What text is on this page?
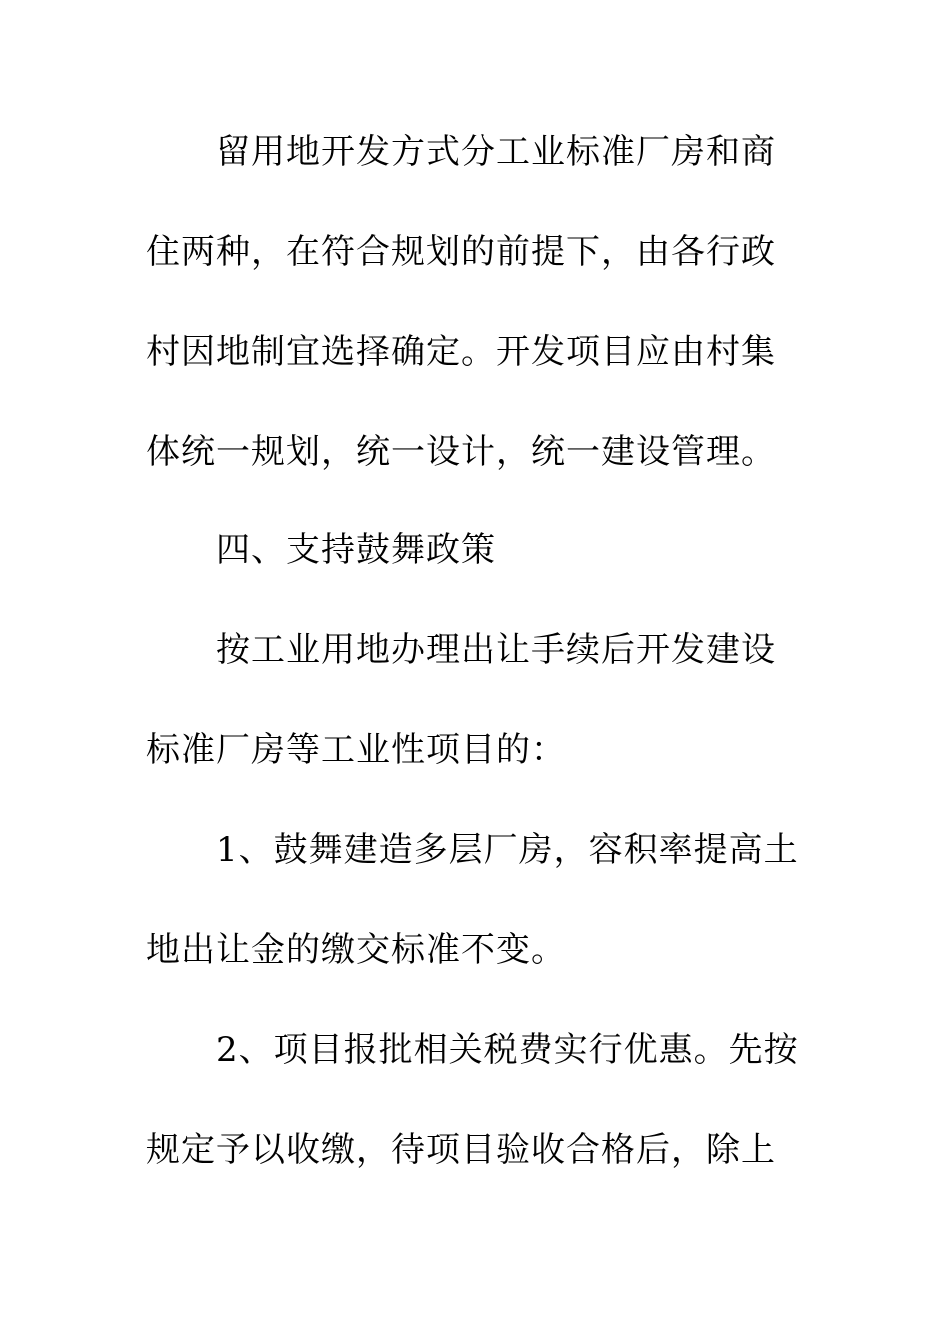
留用地开发方式分工业标准厂房和商
住两种，在符合规划的前提下，由各行政
村因地制宜选择确定。开发项目应由村集
体统一规划，统一设计，统一建设管理。
四、支持鼓舞政策
按工业用地办理出让手续后开发建设
标准厂房等工业性项目的：
1、鼓舞建造多层厂房，容积率提高土
地出让金的缴交标准不变。
2、项目报批相关税费实行优惠。先按
规定予以收缴，待项目验收合格后，除上
